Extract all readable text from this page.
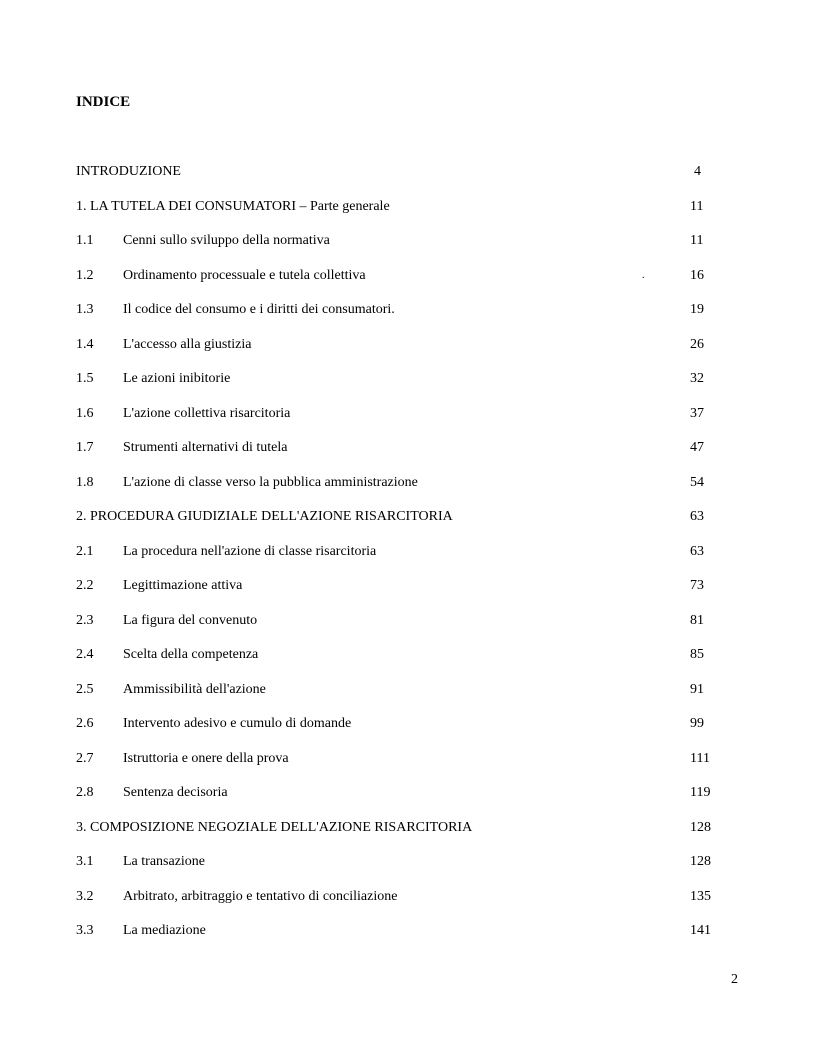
INDICE
INTRODUZIONE	4
1. LA TUTELA DEI CONSUMATORI – Parte generale	11
1.1 Cenni sullo sviluppo della normativa	11
1.2 Ordinamento processuale e tutela collettiva	.	16
1.3 Il codice del consumo e i diritti dei consumatori.	19
1.4 L'accesso alla giustizia	26
1.5 Le azioni inibitorie	32
1.6 L'azione collettiva risarcitoria	37
1.7 Strumenti alternativi di tutela	47
1.8 L'azione di classe verso la pubblica amministrazione	54
2. PROCEDURA GIUDIZIALE DELL'AZIONE RISARCITORIA	63
2.1 La procedura nell'azione di classe risarcitoria	63
2.2 Legittimazione attiva	73
2.3 La figura del convenuto	81
2.4 Scelta della competenza	85
2.5 Ammissibilità dell'azione	91
2.6 Intervento adesivo e cumulo di domande	99
2.7 Istruttoria e onere della prova	111
2.8 Sentenza decisoria	119
3. COMPOSIZIONE NEGOZIALE DELL'AZIONE RISARCITORIA	128
3.1 La transazione	128
3.2 Arbitrato, arbitraggio e tentativo di conciliazione	135
3.3 La mediazione	141
2
